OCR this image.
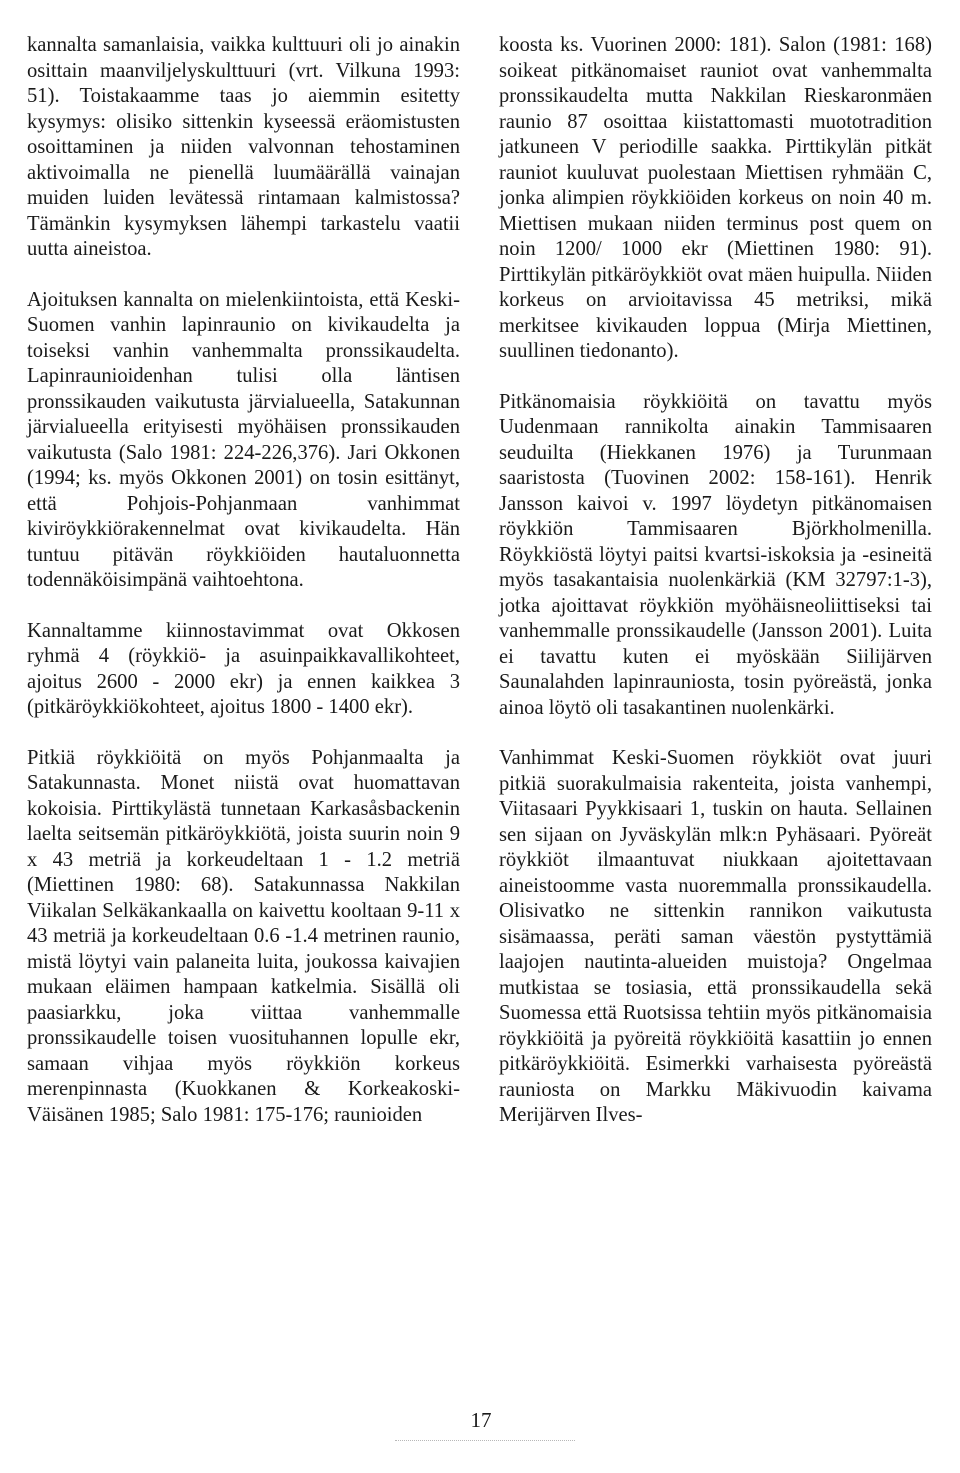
kannalta samanlaisia, vaikka kulttuuri oli jo ainakin osittain maanviljelyskulttuuri (vrt. Vilkuna 1993: 51). Toistakaamme taas jo aiemmin esitetty kysymys: olisiko sittenkin kyseessä eräomistusten osoittaminen ja niiden valvonnan tehostaminen aktivoimalla ne pienellä luumäärällä vainajan muiden luiden levätessä rintamaan kalmistossa? Tämänkin kysymyksen lähempi tarkastelu vaatii uutta aineistoa.

Ajoituksen kannalta on mielenkiintoista, että Keski-Suomen vanhin lapinraunio on kivikaudelta ja toiseksi vanhin vanhemmalta pronssikaudelta. Lapinraunioidenhan tulisi olla läntisen pronssikauden vaikutusta järvialueella, Satakunnan järvialueella erityisesti myöhäisen pronssikauden vaikutusta (Salo 1981: 224-226,376). Jari Okkonen (1994; ks. myös Okkonen 2001) on tosin esittänyt, että Pohjois-Pohjanmaan vanhimmat kiviröykkiörakennelmat ovat kivikaudelta. Hän tuntuu pitävän röykkiöiden hautaluonnetta todennäköisimpänä vaihtoehtona.

Kannaltamme kiinnostavimmat ovat Okkosen ryhmä 4 (röykkiö- ja asuinpaikkavallikohteet, ajoitus 2600 - 2000 ekr) ja ennen kaikkea 3 (pitkäröykkiökohteet, ajoitus 1800 - 1400 ekr).

Pitkiä röykkiöitä on myös Pohjanmaalta ja Satakunnasta. Monet niistä ovat huomattavan kokoisia. Pirttikylästä tunnetaan Karkasåsbackenin laelta seitsemän pitkäröykkiötä, joista suurin noin 9 x 43 metriä ja korkeudeltaan 1 - 1.2 metriä (Miettinen 1980: 68). Satakunnassa Nakkilan Viikalan Selkäkankaalla on kaivettu kooltaan 9-11 x 43 metriä ja korkeudeltaan 0.6 -1.4 metrinen raunio, mistä löytyi vain palaneita luita, joukossa kaivajien mukaan eläimen hampaan katkelmia. Sisällä oli paasiarkku, joka viittaa vanhemmalle pronssikaudelle toisen vuosituhannen lopulle ekr, samaan vihjaa myös röykkiön korkeus merenpinnasta (Kuokkanen & Korkeakoski-Väisänen 1985; Salo 1981: 175-176; raunioiden

koosta ks. Vuorinen 2000: 181). Salon (1981: 168) soikeat pitkänomaiset rauniot ovat vanhemmalta pronssikaudelta mutta Nakkilan Rieskaronmäen raunio 87 osoittaa kiistattomasti muototradition jatkuneen V periodille saakka. Pirttikylän pitkät rauniot kuuluvat puolestaan Miettisen ryhmään C, jonka alimpien röykkiöiden korkeus on noin 40 m. Miettisen mukaan niiden terminus post quem on noin 1200/ 1000 ekr (Miettinen 1980: 91). Pirttikylän pitkäröykkiöt ovat mäen huipulla. Niiden korkeus on arvioitavissa 45 metriksi, mikä merkitsee kivikauden loppua (Mirja Miettinen, suullinen tiedonanto).

Pitkänomaisia röykkiöitä on tavattu myös Uudenmaan rannikolta ainakin Tammisaaren seuduilta (Hiekkanen 1976) ja Turunmaan saaristosta (Tuovinen 2002: 158-161). Henrik Jansson kaivoi v. 1997 löydetyn pitkänomaisen röykkiön Tammisaaren Björkholmenilla. Röykkiöstä löytyi paitsi kvartsi-iskoksia ja -esineitä myös tasakantaisia nuolenkärkiä (KM 32797:1-3), jotka ajoittavat röykkiön myöhäisneoliittiseksi tai vanhemmalle pronssikaudelle (Jansson 2001). Luita ei tavattu kuten ei myöskään Siilijärven Saunalahden lapinrauniosta, tosin pyöreästä, jonka ainoa löytö oli tasakantinen nuolenkärki.

Vanhimmat Keski-Suomen röykkiöt ovat juuri pitkiä suorakulmaisia rakenteita, joista vanhempi, Viitasaari Pyykkisaari 1, tuskin on hauta. Sellainen sen sijaan on Jyväskylän mlk:n Pyhäsaari. Pyöreät röykkiöt ilmaantuvat niukkaan ajoitettavaan aineistoomme vasta nuoremmalla pronssikaudella. Olisivatko ne sittenkin rannikon vaikutusta sisämaassa, peräti saman väestön pystyttämiä laajojen nautinta-alueiden muistoja? Ongelmaa mutkistaa se tosiasia, että pronssikaudella sekä Suomessa että Ruotsissa tehtiin myös pitkänomaisia röykkiöitä ja pyöreitä röykkiöitä kasattiin jo ennen pitkäröykkiöitä. Esimerkki varhaisesta pyöreästä rauniosta on Markku Mäkivuodin kaivama Merijärven Ilves-

17
